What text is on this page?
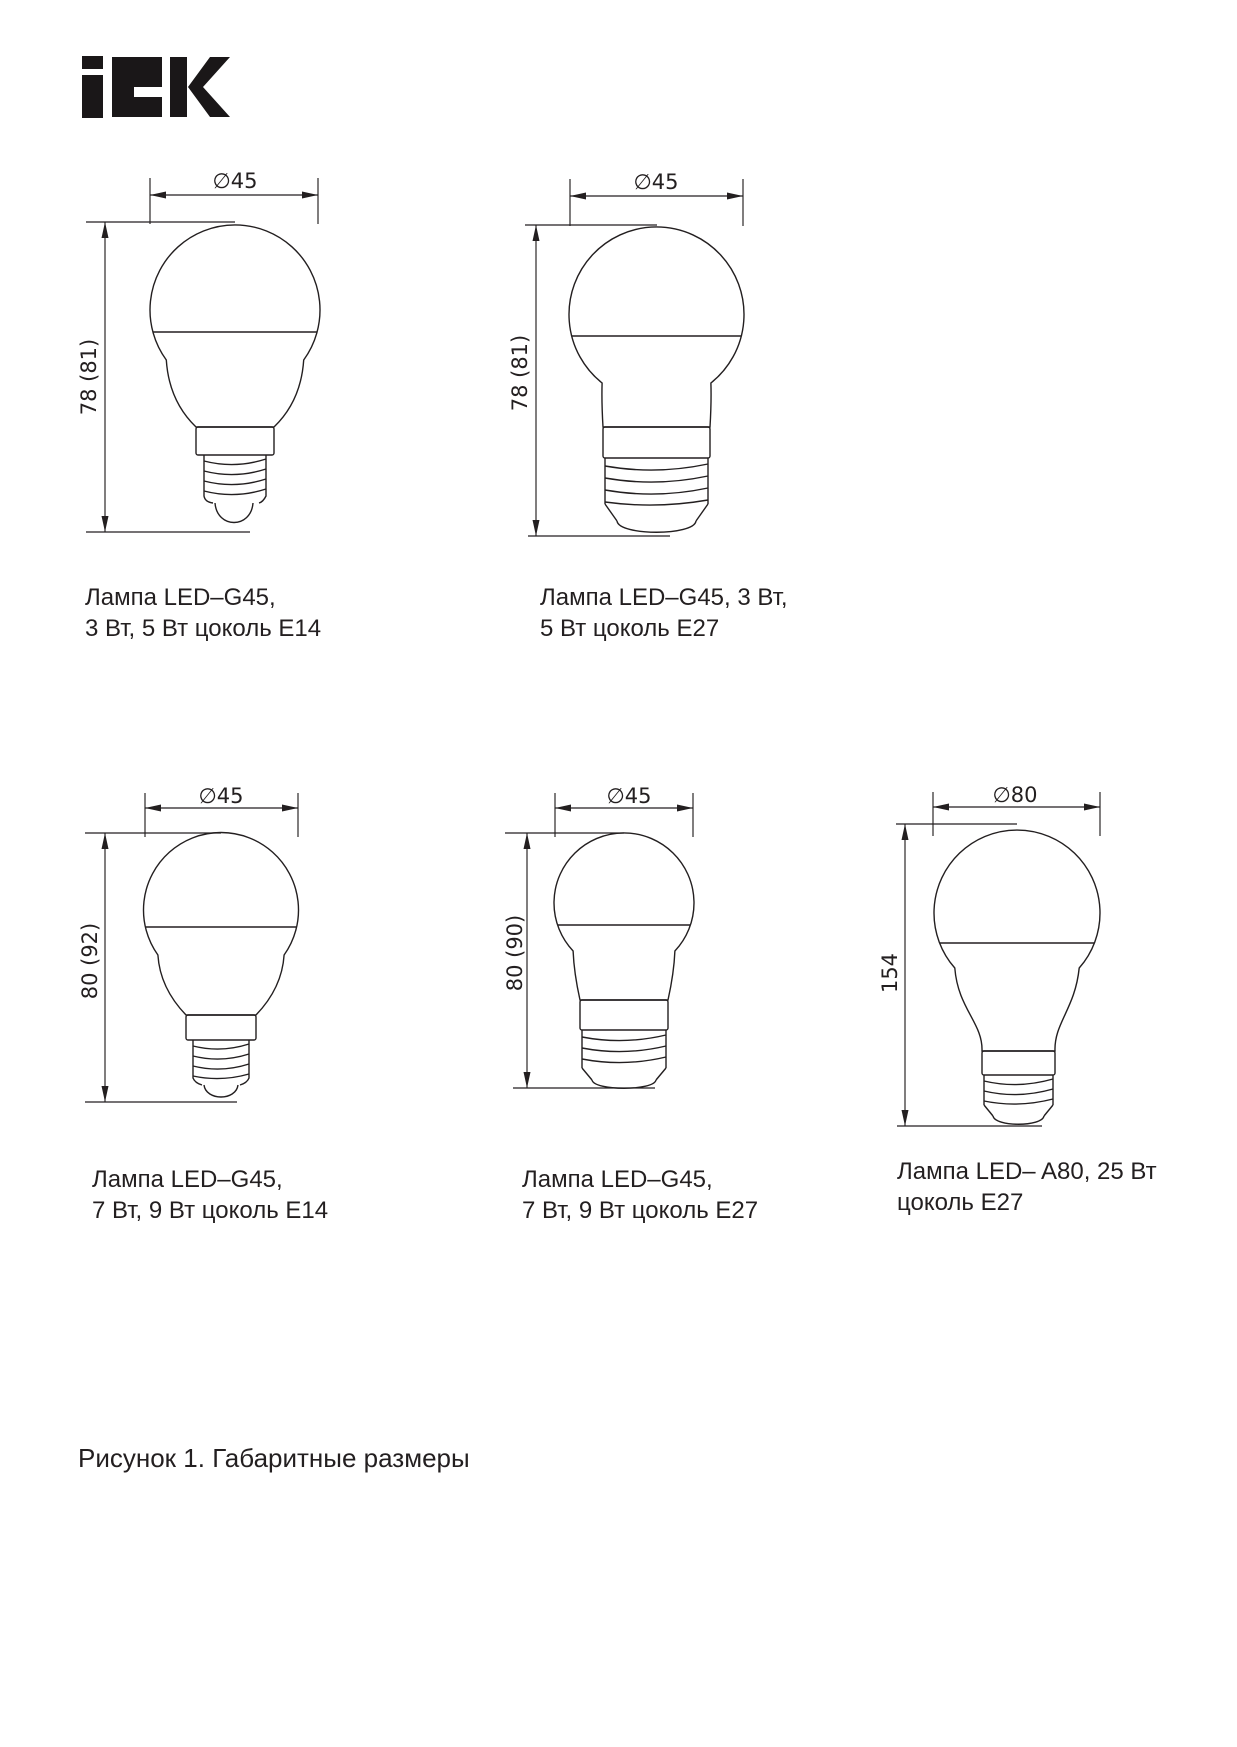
∅45
78 (81)
Лампа LED–G45,
3 Вт, 5 Вт цоколь E14
∅45
78 (81)
Лампа LED–G45, 3 Вт,
5 Вт цоколь E27
∅45
80 (92)
Лампа LED–G45,
7 Вт, 9 Вт цоколь E14
∅45
80 (90)
Лампа LED–G45,
7 Вт, 9 Вт цоколь E27
∅80
154
Лампа LED– A80, 25 Вт
цоколь E27
Рисунок 1. Габаритные размеры
